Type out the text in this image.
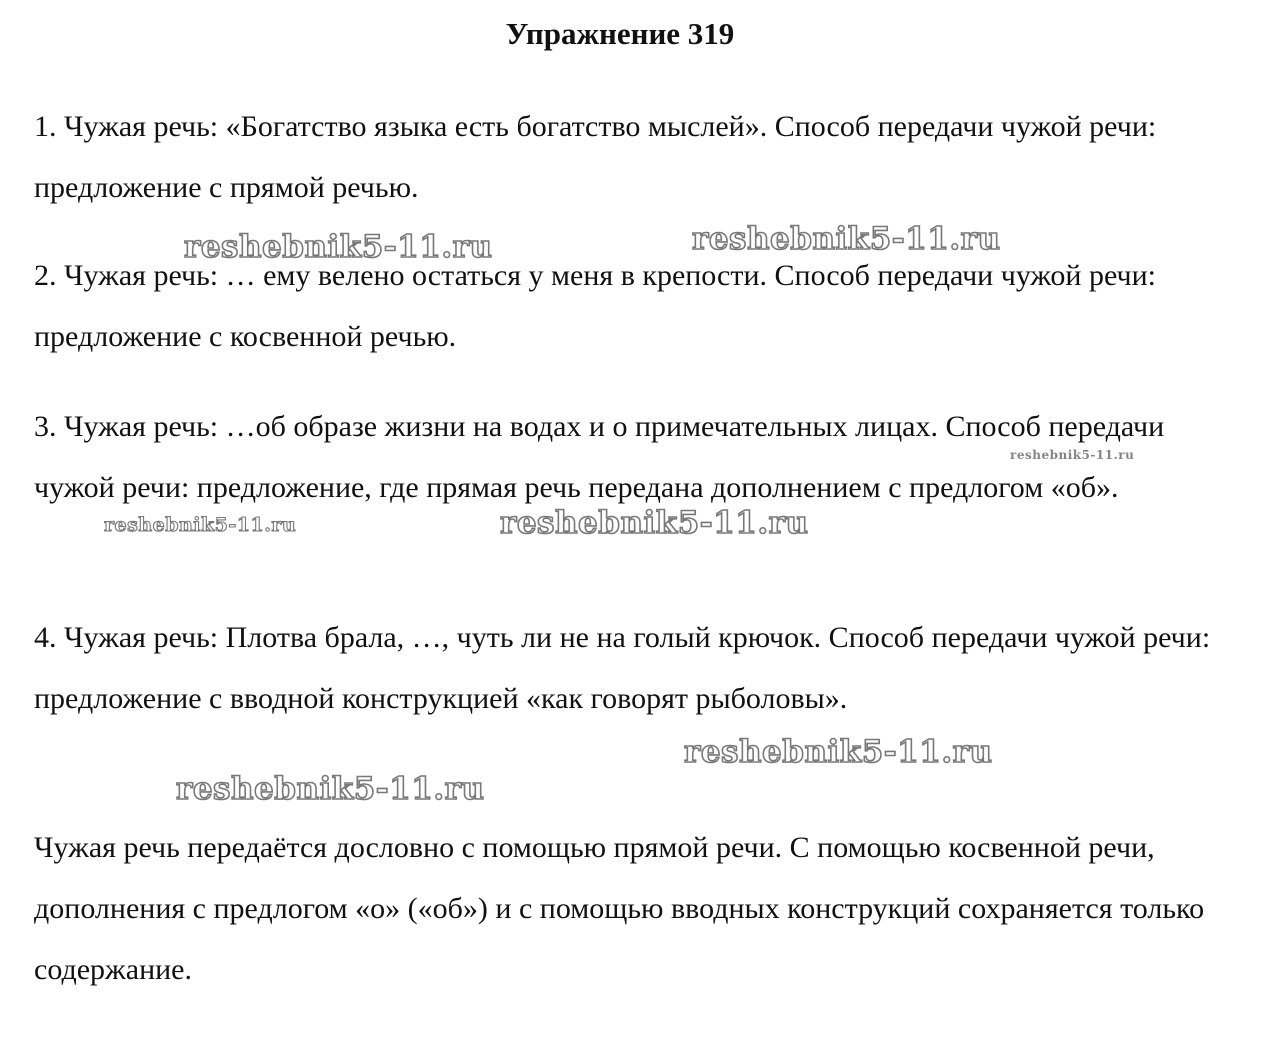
Упражнение 319

1. Чужая речь: «Богатство языка есть богатство мыслей». Способ передачи чужой речи: предложение с прямой речью.

2. Чужая речь: … ему велено остаться у меня в крепости. Способ передачи чужой речи: предложение с косвенной речью.

3. Чужая речь: …об образе жизни на водах и о примечательных лицах. Способ передачи чужой речи: предложение, где прямая речь передана дополнением с предлогом «об».

4. Чужая речь: Плотва брала, …, чуть ли не на голый крючок. Способ передачи чужой речи: предложение с вводной конструкцией «как говорят рыболовы».

Чужая речь передаётся дословно с помощью прямой речи. С помощью косвенной речи, дополнения с предлогом «о» («об») и с помощью вводных конструкций сохраняется только содержание.

reshebnik5-11.ru	reshebnik5-11.ru
reshebnik5-11.ru
reshebnik5-11.ru	reshebnik5-11.ru
reshebnik5-11.ru
reshebnik5-11.ru
